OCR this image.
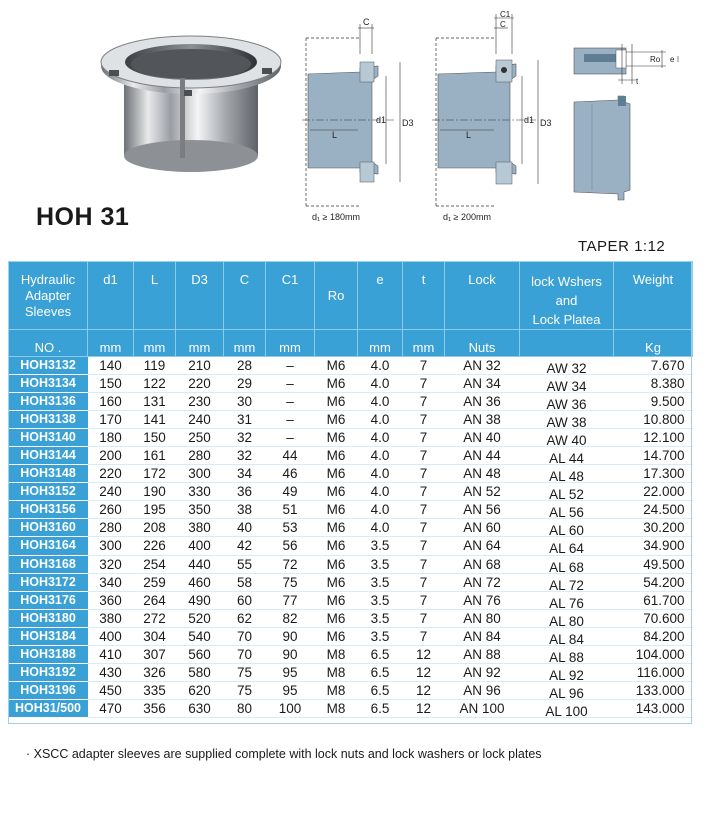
C
d1 D3
L
d₁ ≥ 180mm
C1
C
d1 D3
L
d₁ ≥ 200mm
Ro e
t
HOH 31
TAPER 1:12
Hydraulic
Adapter
Sleeves	d1	L	D3	C	C1	Ro	e	t	Lock	lock Wshers
and
Lock Platea	Weight
NO .	mm	mm	mm	mm	mm		mm	mm	Nuts		Kg
HOH3132	140	119	210	28	–	M6	4.0	7	AN 32	AW 32	7.670
HOH3134	150	122	220	29	–	M6	4.0	7	AN 34	AW 34	8.380
HOH3136	160	131	230	30	–	M6	4.0	7	AN 36	AW 36	9.500
HOH3138	170	141	240	31	–	M6	4.0	7	AN 38	AW 38	10.800
HOH3140	180	150	250	32	–	M6	4.0	7	AN 40	AW 40	12.100
HOH3144	200	161	280	32	44	M6	4.0	7	AN 44	AL 44	14.700
HOH3148	220	172	300	34	46	M6	4.0	7	AN 48	AL 48	17.300
HOH3152	240	190	330	36	49	M6	4.0	7	AN 52	AL 52	22.000
HOH3156	260	195	350	38	51	M6	4.0	7	AN 56	AL 56	24.500
HOH3160	280	208	380	40	53	M6	4.0	7	AN 60	AL 60	30.200
HOH3164	300	226	400	42	56	M6	3.5	7	AN 64	AL 64	34.900
HOH3168	320	254	440	55	72	M6	3.5	7	AN 68	AL 68	49.500
HOH3172	340	259	460	58	75	M6	3.5	7	AN 72	AL 72	54.200
HOH3176	360	264	490	60	77	M6	3.5	7	AN 76	AL 76	61.700
HOH3180	380	272	520	62	82	M6	3.5	7	AN 80	AL 80	70.600
HOH3184	400	304	540	70	90	M6	3.5	7	AN 84	AL 84	84.200
HOH3188	410	307	560	70	90	M8	6.5	12	AN 88	AL 88	104.000
HOH3192	430	326	580	75	95	M8	6.5	12	AN 92	AL 92	116.000
HOH3196	450	335	620	75	95	M8	6.5	12	AN 96	AL 96	133.000
HOH31/500	470	356	630	80	100	M8	6.5	12	AN 100	AL 100	143.000
· XSCC adapter sleeves are supplied complete with lock nuts and lock washers or lock plates
